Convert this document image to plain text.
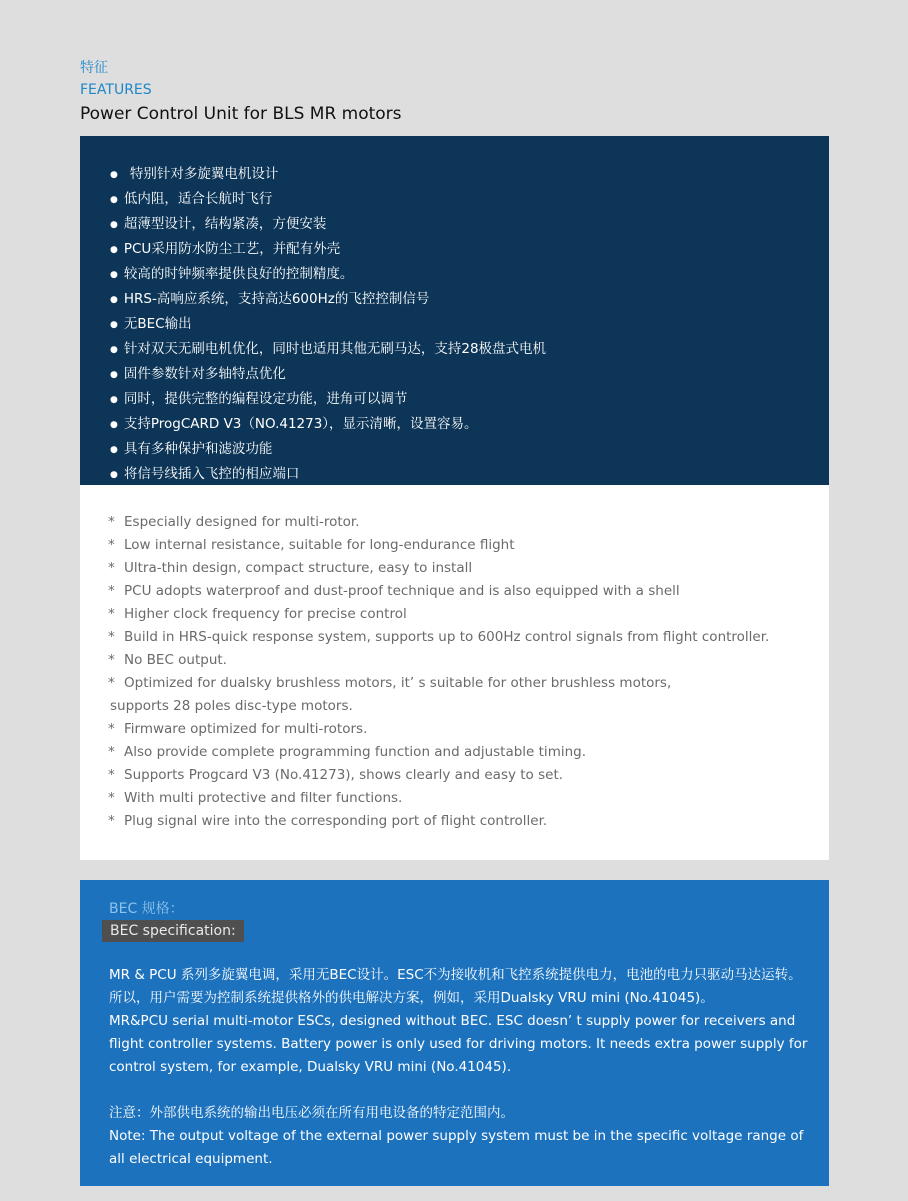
特征

FEATURES

Power Control Unit for BLS MR motors

● 特别针对多旋翼电机设计
● 低内阻，适合长航时飞行
● 超薄型设计，结构紧凑，方便安装
● PCU采用防水防尘工艺，并配有外壳
● 较高的时钟频率提供良好的控制精度。
● HRS-高响应系统，支持高达600Hz的飞控控制信号
● 无BEC输出
● 针对双天无刷电机优化，同时也适用其他无刷马达，支持28极盘式电机
● 固件参数针对多轴特点优化
● 同时，提供完整的编程设定功能，进角可以调节
● 支持ProgCARD V3（NO.41273），显示清晰，设置容易。
● 具有多种保护和滤波功能
● 将信号线插入飞控的相应端口
* Especially designed for multi-rotor.
* Low internal resistance, suitable for long-endurance flight
* Ultra-thin design, compact structure, easy to install
* PCU adopts waterproof and dust-proof technique and is also equipped with a shell
* Higher clock frequency for precise control
* Build in HRS-quick response system, supports up to 600Hz control signals from flight controller.
* No BEC output.
* Optimized for dualsky brushless motors, it’ s suitable for other brushless motors,
supports 28 poles disc-type motors.
* Firmware optimized for multi-rotors.
* Also provide complete programming function and adjustable timing.
* Supports Progcard V3 (No.41273), shows clearly and easy to set.
* With multi protective and filter functions.
* Plug signal wire into the corresponding port of flight controller.
BEC 规格：
BEC specification:

MR & PCU 系列多旋翼电调，采用无BEC设计。ESC不为接收机和飞控系统提供电力，电池的电力只驱动马达运转。

所以，用户需要为控制系统提供格外的供电解决方案，例如，采用Dualsky VRU mini (No.41045)。

MR&PCU serial multi-motor ESCs, designed without BEC. ESC doesn’ t supply power for receivers and

flight controller systems. Battery power is only used for driving motors. It needs extra power supply for

control system, for example, Dualsky VRU mini (No.41045).

注意：外部供电系统的输出电压必须在所有用电设备的特定范围内。

Note: The output voltage of the external power supply system must be in the specific voltage range of

all electrical equipment.
